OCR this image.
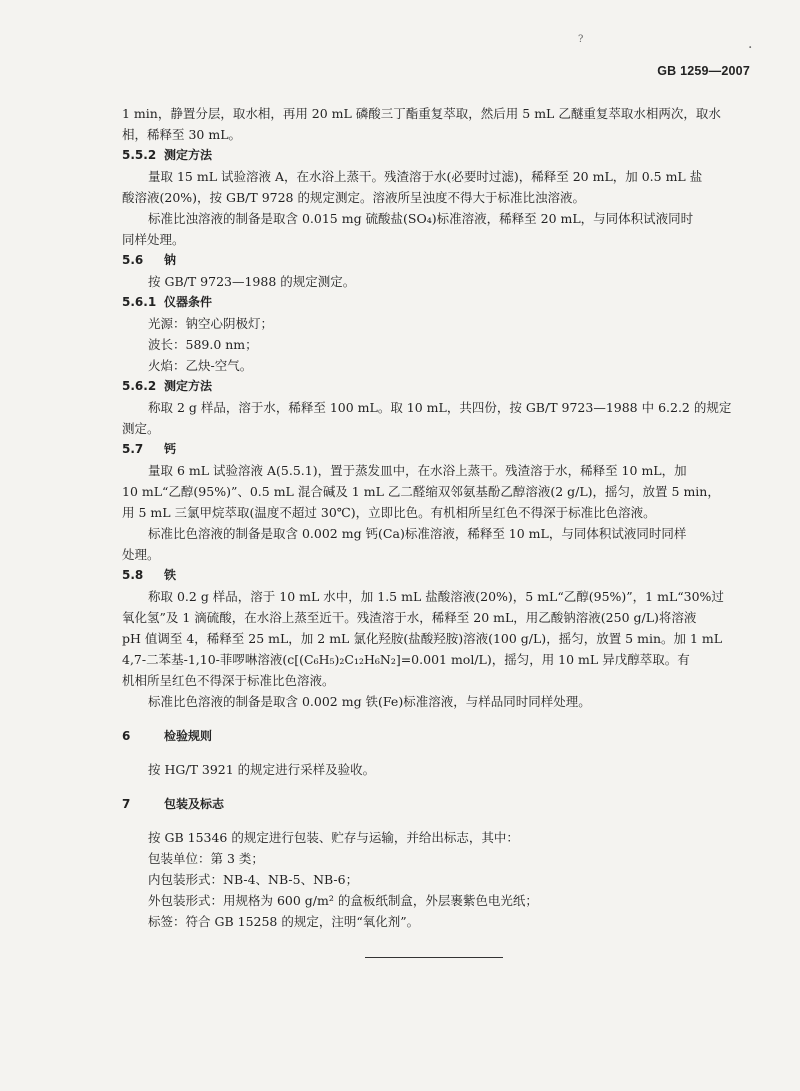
?
·
GB 1259—2007

1 min，静置分层，取水相，再用 20 mL 磷酸三丁酯重复萃取，然后用 5 mL 乙醚重复萃取水相两次，取水

相，稀释至 30 mL。

5.5.2 测定方法

量取 15 mL 试验溶液 A，在水浴上蒸干。残渣溶于水(必要时过滤)，稀释至 20 mL，加 0.5 mL 盐

酸溶液(20%)，按 GB/T 9728 的规定测定。溶液所呈浊度不得大于标准比浊溶液。

标准比浊溶液的制备是取含 0.015 mg 硫酸盐(SO₄)标准溶液，稀释至 20 mL，与同体积试液同时

同样处理。

5.6 钠

按 GB/T 9723—1988 的规定测定。

5.6.1 仪器条件

光源：钠空心阴极灯；

波长：589.0 nm；

火焰：乙炔-空气。

5.6.2 测定方法

称取 2 g 样品，溶于水，稀释至 100 mL。取 10 mL，共四份，按 GB/T 9723—1988 中 6.2.2 的规定

测定。

5.7 钙

量取 6 mL 试验溶液 A(5.5.1)，置于蒸发皿中，在水浴上蒸干。残渣溶于水，稀释至 10 mL，加

10 mL“乙醇(95%)”、0.5 mL 混合碱及 1 mL 乙二醛缩双邻氨基酚乙醇溶液(2 g/L)，摇匀，放置 5 min，

用 5 mL 三氯甲烷萃取(温度不超过 30℃)，立即比色。有机相所呈红色不得深于标准比色溶液。

标准比色溶液的制备是取含 0.002 mg 钙(Ca)标准溶液，稀释至 10 mL，与同体积试液同时同样

处理。

5.8 铁

称取 0.2 g 样品，溶于 10 mL 水中，加 1.5 mL 盐酸溶液(20%)，5 mL“乙醇(95%)”，1 mL“30%过

氧化氢”及 1 滴硫酸，在水浴上蒸至近干。残渣溶于水，稀释至 20 mL，用乙酸钠溶液(250 g/L)将溶液

pH 值调至 4，稀释至 25 mL，加 2 mL 氯化羟胺(盐酸羟胺)溶液(100 g/L)，摇匀，放置 5 min。加 1 mL

4,7-二苯基-1,10-菲啰啉溶液(c[(C₆H₅)₂C₁₂H₆N₂]=0.001 mol/L)，摇匀，用 10 mL 异戊醇萃取。有

机相所呈红色不得深于标准比色溶液。

标准比色溶液的制备是取含 0.002 mg 铁(Fe)标准溶液，与样品同时同样处理。

6	检验规则

按 HG/T 3921 的规定进行采样及验收。

7	包装及标志

按 GB 15346 的规定进行包装、贮存与运输，并给出标志，其中：

包装单位：第 3 类；

内包装形式：NB-4、NB-5、NB-6；

外包装形式：用规格为 600 g/m² 的盒板纸制盒，外层裹紫色电光纸；

标签：符合 GB 15258 的规定，注明“氧化剂”。
